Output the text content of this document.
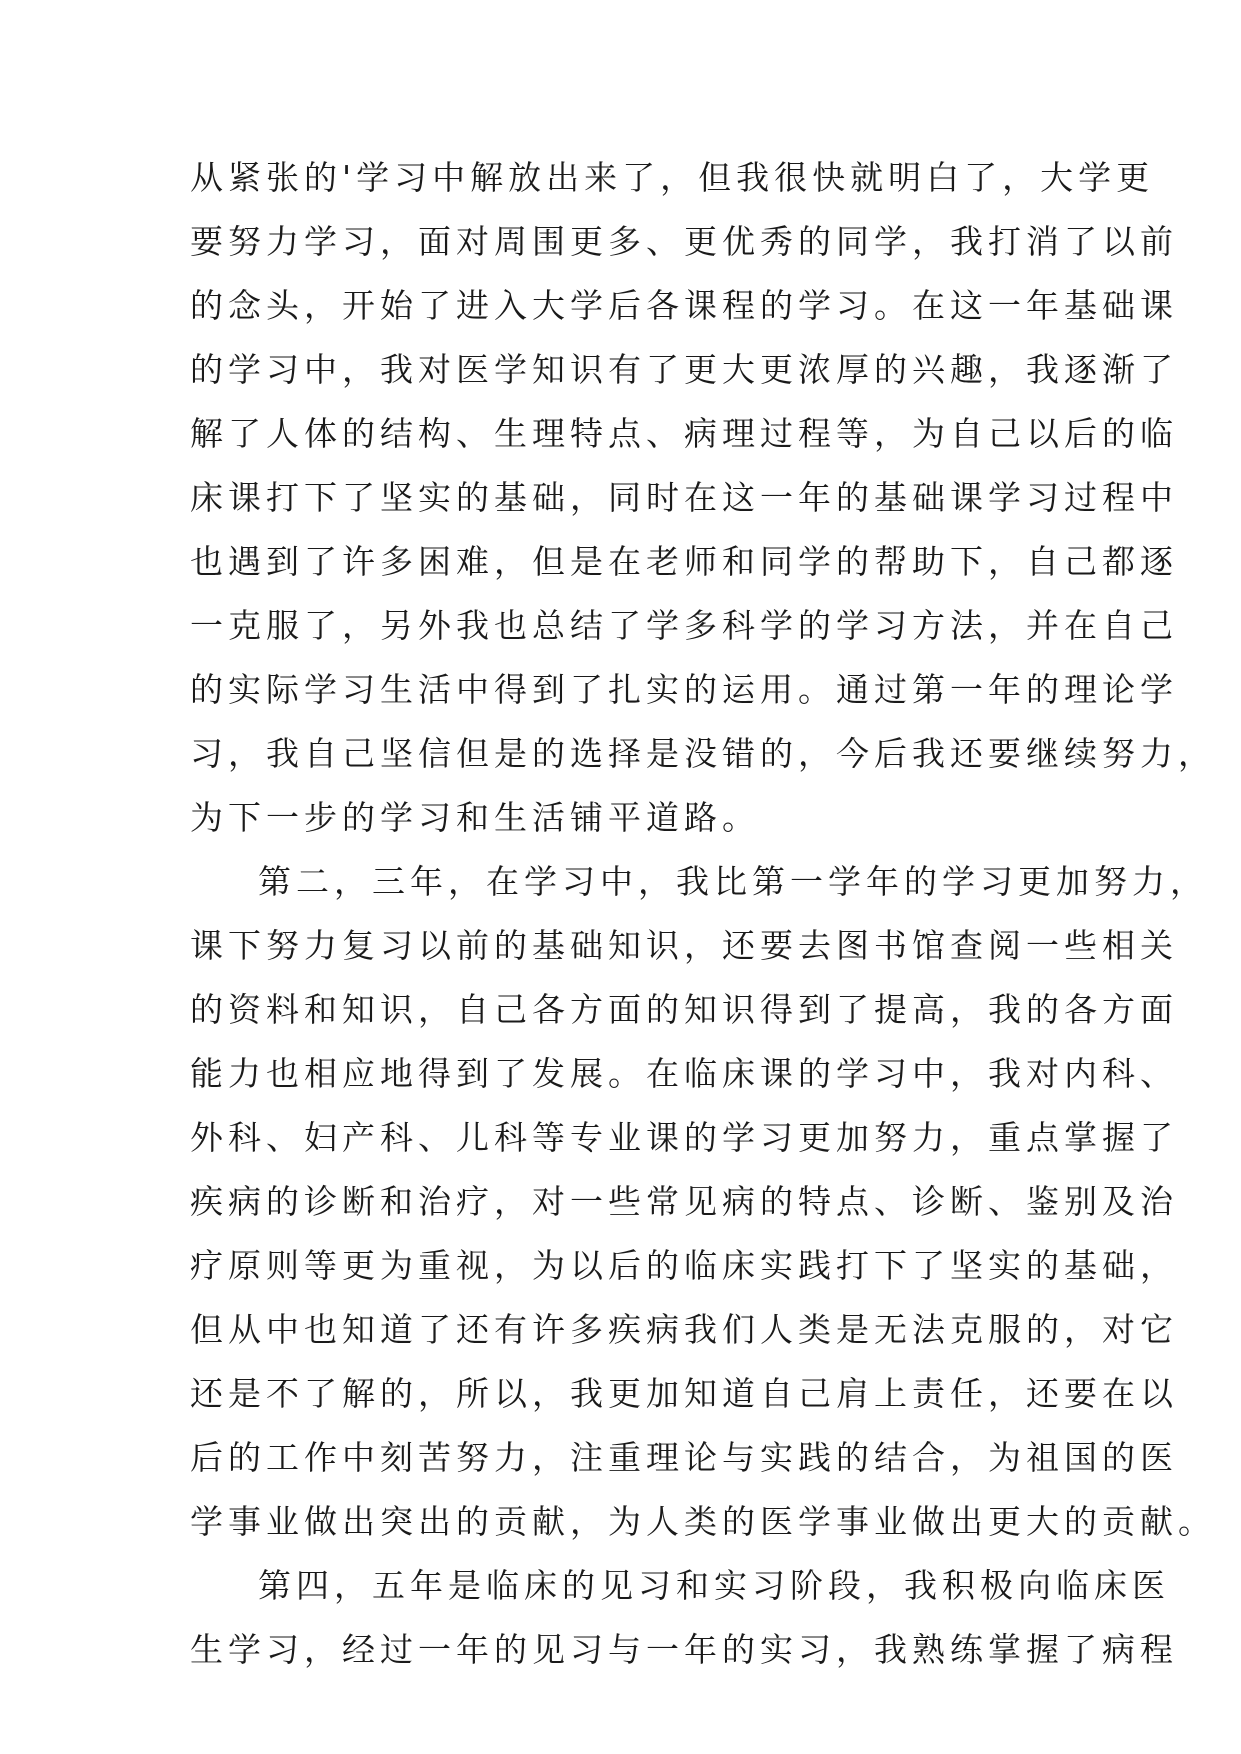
从紧张的'学习中解放出来了，但我很快就明白了，大学更
要努力学习，面对周围更多、更优秀的同学，我打消了以前
的念头，开始了进入大学后各课程的学习。在这一年基础课
的学习中，我对医学知识有了更大更浓厚的兴趣，我逐渐了
解了人体的结构、生理特点、病理过程等，为自己以后的临
床课打下了坚实的基础，同时在这一年的基础课学习过程中
也遇到了许多困难，但是在老师和同学的帮助下，自己都逐
一克服了，另外我也总结了学多科学的学习方法，并在自己
的实际学习生活中得到了扎实的运用。通过第一年的理论学
习，我自己坚信但是的选择是没错的，今后我还要继续努力，
为下一步的学习和生活铺平道路。
第二，三年，在学习中，我比第一学年的学习更加努力，
课下努力复习以前的基础知识，还要去图书馆查阅一些相关
的资料和知识，自己各方面的知识得到了提高，我的各方面
能力也相应地得到了发展。在临床课的学习中，我对内科、
外科、妇产科、儿科等专业课的学习更加努力，重点掌握了
疾病的诊断和治疗，对一些常见病的特点、诊断、鉴别及治
疗原则等更为重视，为以后的临床实践打下了坚实的基础，
但从中也知道了还有许多疾病我们人类是无法克服的，对它
还是不了解的，所以，我更加知道自己肩上责任，还要在以
后的工作中刻苦努力，注重理论与实践的结合，为祖国的医
学事业做出突出的贡献，为人类的医学事业做出更大的贡献。
第四，五年是临床的见习和实习阶段，我积极向临床医
生学习，经过一年的见习与一年的实习，我熟练掌握了病程
